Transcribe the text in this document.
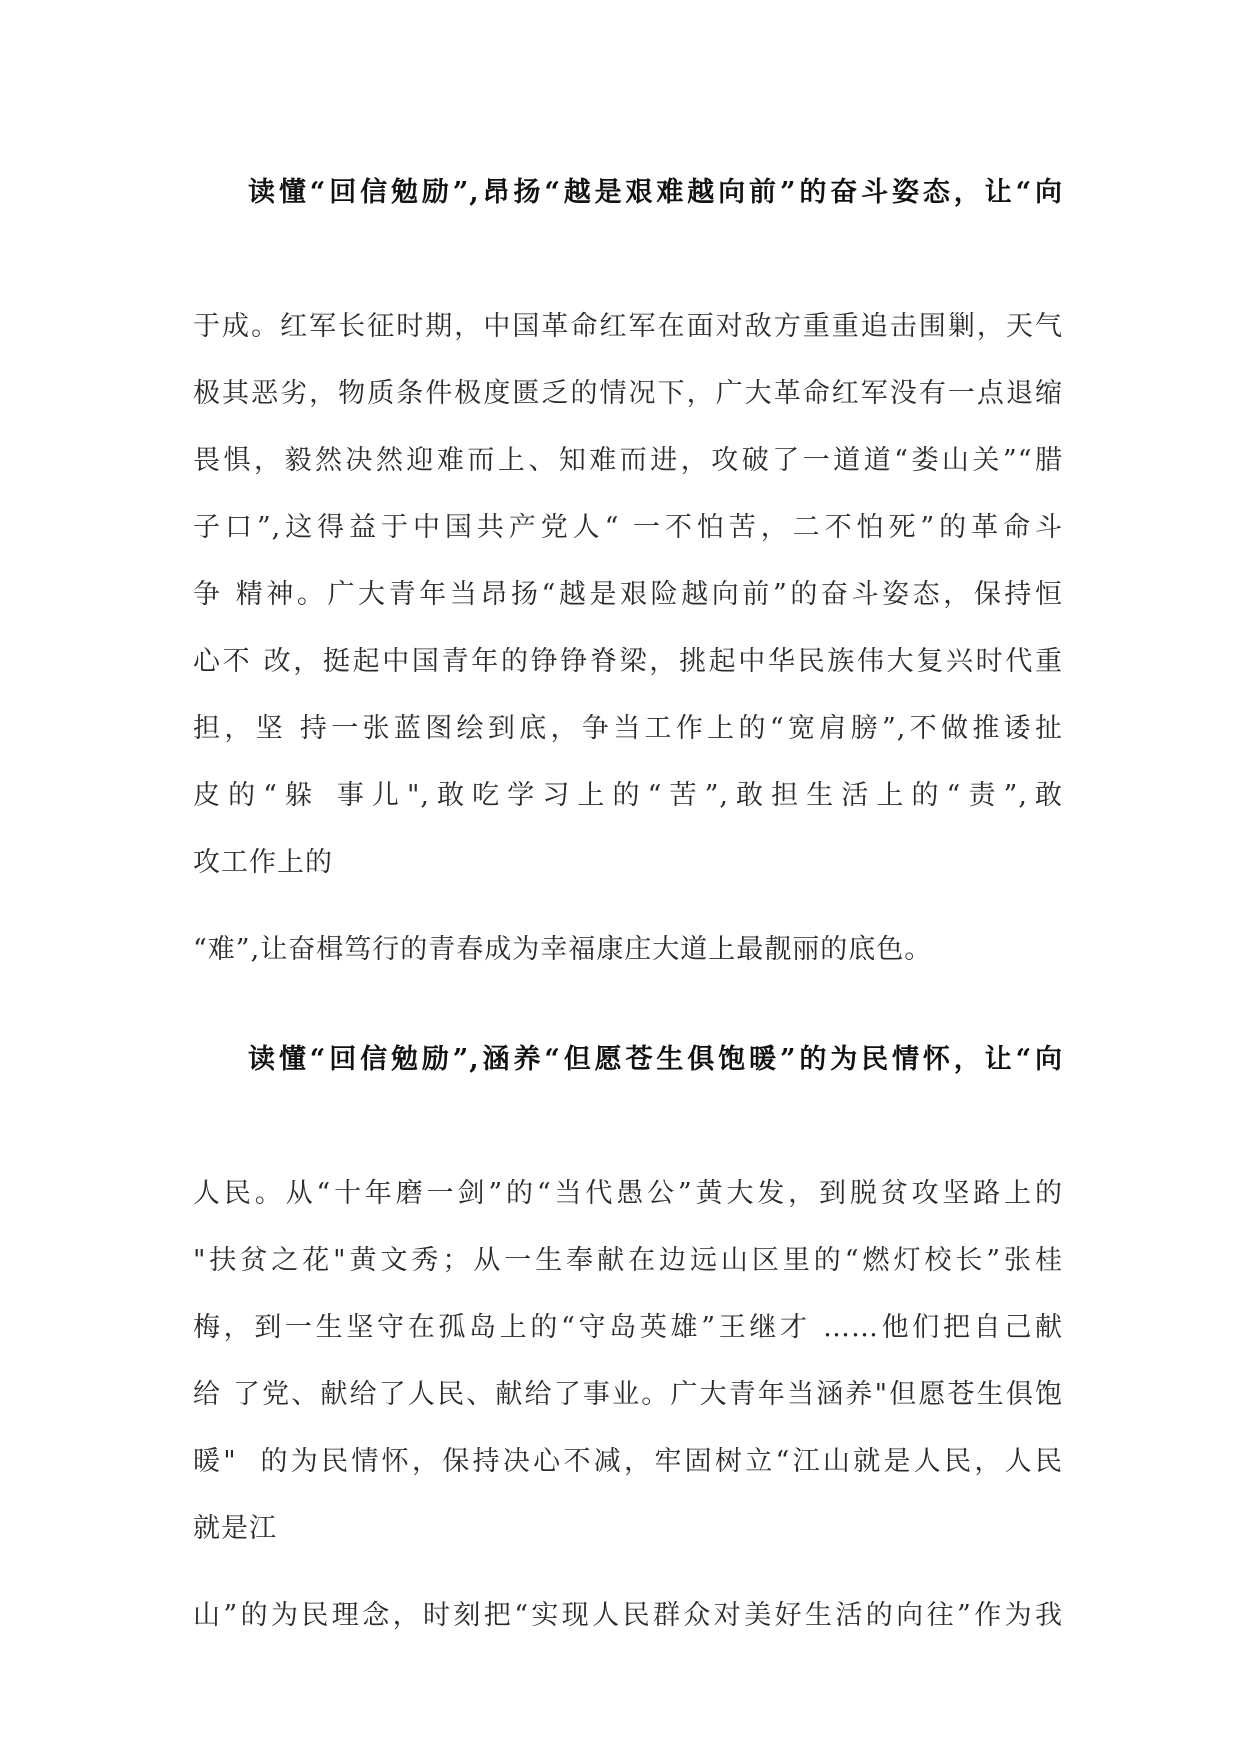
读懂“回信勉励”,昂扬“越是艰难越向前”的奋斗姿态，让“向

于成。红军长征时期，中国革命红军在面对敌方重重追击围剿，天气
极其恶劣，物质条件极度匮乏的情况下，广大革命红军没有一点退缩
畏惧，毅然决然迎难而上、知难而进，攻破了一道道“娄山关”“腊
子口”,这得益于中国共产党人“ 一不怕苦，二不怕死”的革命斗
争 精神。广大青年当昂扬“越是艰险越向前”的奋斗姿态，保持恒
心不 改，挺起中国青年的铮铮脊梁，挑起中华民族伟大复兴时代重
担，坚 持一张蓝图绘到底，争当工作上的“宽肩膀”,不做推诿扯
皮的“躲 事儿",敢吃学习上的“苦”,敢担生活上的“责”,敢
攻工作上的
“难”,让奋楫笃行的青春成为幸福康庄大道上最靓丽的底色。
读懂“回信勉励”,涵养“但愿苍生俱饱暖”的为民情怀，让“向

人民。从“十年磨一剑”的“当代愚公”黄大发，到脱贫攻坚路上的
"扶贫之花"黄文秀；从一生奉献在边远山区里的“燃灯校长”张桂
梅，到一生坚守在孤岛上的“守岛英雄”王继才 ……他们把自己献
给 了党、献给了人民、献给了事业。广大青年当涵养"但愿苍生俱饱
暖"  的为民情怀，保持决心不减，牢固树立“江山就是人民，人民
就是江
山”的为民理念，时刻把“实现人民群众对美好生活的向往”作为我
